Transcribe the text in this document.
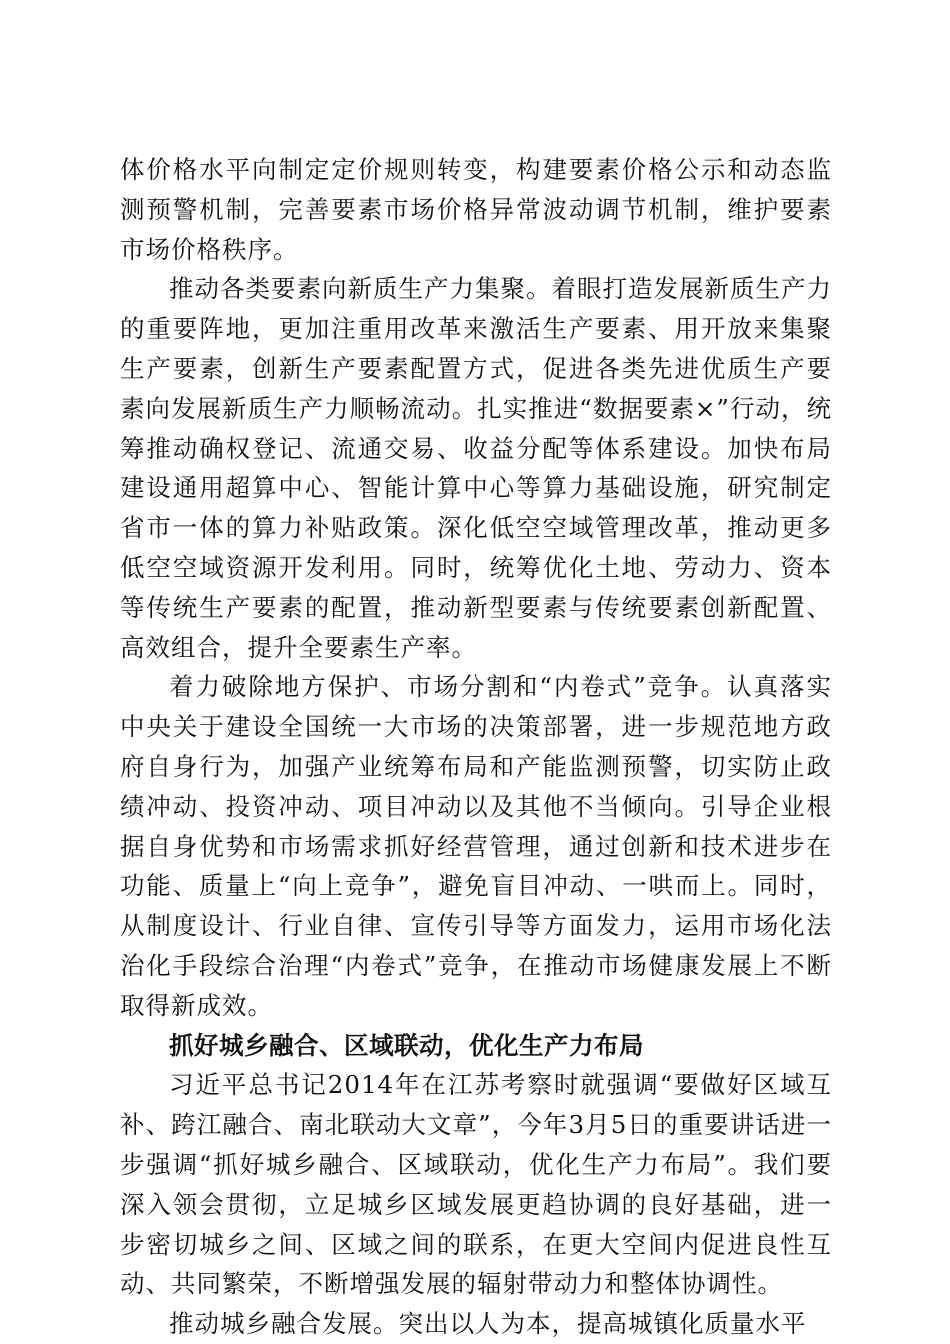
体价格水平向制定定价规则转变，构建要素价格公示和动态监测预警机制，完善要素市场价格异常波动调节机制，维护要素市场价格秩序。

推动各类要素向新质生产力集聚。着眼打造发展新质生产力的重要阵地，更加注重用改革来激活生产要素、用开放来集聚生产要素，创新生产要素配置方式，促进各类先进优质生产要素向发展新质生产力顺畅流动。扎实推进“数据要素×”行动，统筹推动确权登记、流通交易、收益分配等体系建设。加快布局建设通用超算中心、智能计算中心等算力基础设施，研究制定省市一体的算力补贴政策。深化低空空域管理改革，推动更多低空空域资源开发利用。同时，统筹优化土地、劳动力、资本等传统生产要素的配置，推动新型要素与传统要素创新配置、高效组合，提升全要素生产率。

着力破除地方保护、市场分割和“内卷式”竞争。认真落实中央关于建设全国统一大市场的决策部署，进一步规范地方政府自身行为，加强产业统筹布局和产能监测预警，切实防止政绩冲动、投资冲动、项目冲动以及其他不当倾向。引导企业根据自身优势和市场需求抓好经营管理，通过创新和技术进步在功能、质量上“向上竞争”，避免盲目冲动、一哄而上。同时，从制度设计、行业自律、宣传引导等方面发力，运用市场化法治化手段综合治理“内卷式”竞争，在推动市场健康发展上不断取得新成效。

抓好城乡融合、区域联动，优化生产力布局

习近平总书记2014年在江苏考察时就强调“要做好区域互补、跨江融合、南北联动大文章”，今年3月5日的重要讲话进一步强调“抓好城乡融合、区域联动，优化生产力布局”。我们要深入领会贯彻，立足城乡区域发展更趋协调的良好基础，进一步密切城乡之间、区域之间的联系，在更大空间内促进良性互动、共同繁荣，不断增强发展的辐射带动力和整体协调性。

推动城乡融合发展。突出以人为本，提高城镇化质量水平
